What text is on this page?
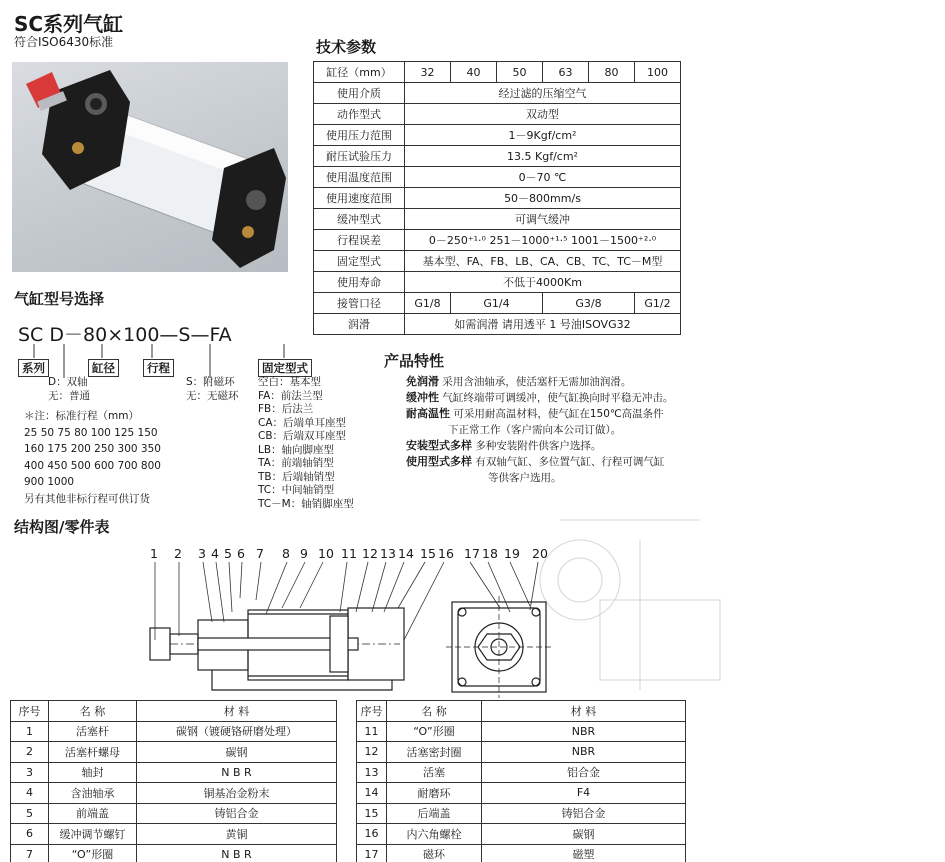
SC系列气缸
符合ISO6430标准	技术参数
缸径（mm）	32	40	50	63	80	100
使用介质	经过滤的压缩空气					
动作型式	双动型					
使用压力范围	1－9Kgf/cm²					
耐压试验压力	13.5 Kgf/cm²					
使用温度范围	0－70 ℃					
使用速度范围	50－800mm/s					
缓冲型式	可调气缓冲					
行程误差	0－250⁺¹·⁰ 251－1000⁺¹·⁵ 1001－1500⁺²·⁰					
固定型式	基本型、FA、FB、LB、CA、CB、TC、TC－M型					
使用寿命	不低于4000Km					
接管口径	G1/8	G1/4		G3/8		G1/2
润滑	如需润滑 请用透平 1 号油ISOVG32					
气缸型号选择
SC D－80×100—S—FA
系列	缸径	行程	固定型式
D：双轴
无：普通
S：附磁环
无：无磁环
空白：基本型
FA：前法兰型
FB：后法兰
CA：后端单耳座型
CB：后端双耳座型
LB：轴向脚座型
TA：前端轴销型
TB：后端轴销型
TC：中间轴销型
TC－M：轴销脚座型
＊注：标准行程（mm）
25 50 75 80 100 125 150
160 175 200 250 300 350
400 450 500 600 700 800
900 1000
另有其他非标行程可供订货
产品特性
免润滑 采用含油轴承，使活塞杆无需加油润滑。
缓冲性 气缸终端带可调缓冲，使气缸换向时平稳无冲击。
耐高温性 可采用耐高温材料，使气缸在150℃高温条件
下正常工作（客户需向本公司订做）。
安装型式多样 多种安装附件供客户选择。
使用型式多样 有双轴气缸、多位置气缸、行程可调气缸
等供客户选用。
结构图/零件表
1 2 3 4 5 6 7 8 9 10 11 12 13 14 15 16 17 18 19 20
序号	名 称	材 料
1	活塞杆	碳钢（镀硬铬研磨处理）
2	活塞杆螺母	碳钢
3	轴封	N B R
4	含油轴承	铜基冶金粉末
5	前端盖	铸铝合金
6	缓冲调节螺钉	黄铜
7	“O”形圈	N B R
序号	名 称	材 料
11	“O”形圈	NBR
12	活塞密封圈	NBR
13	活塞	铝合金
14	耐磨环	F4
15	后端盖	铸铝合金
16	内六角螺栓	碳钢
17	磁环	磁塑
